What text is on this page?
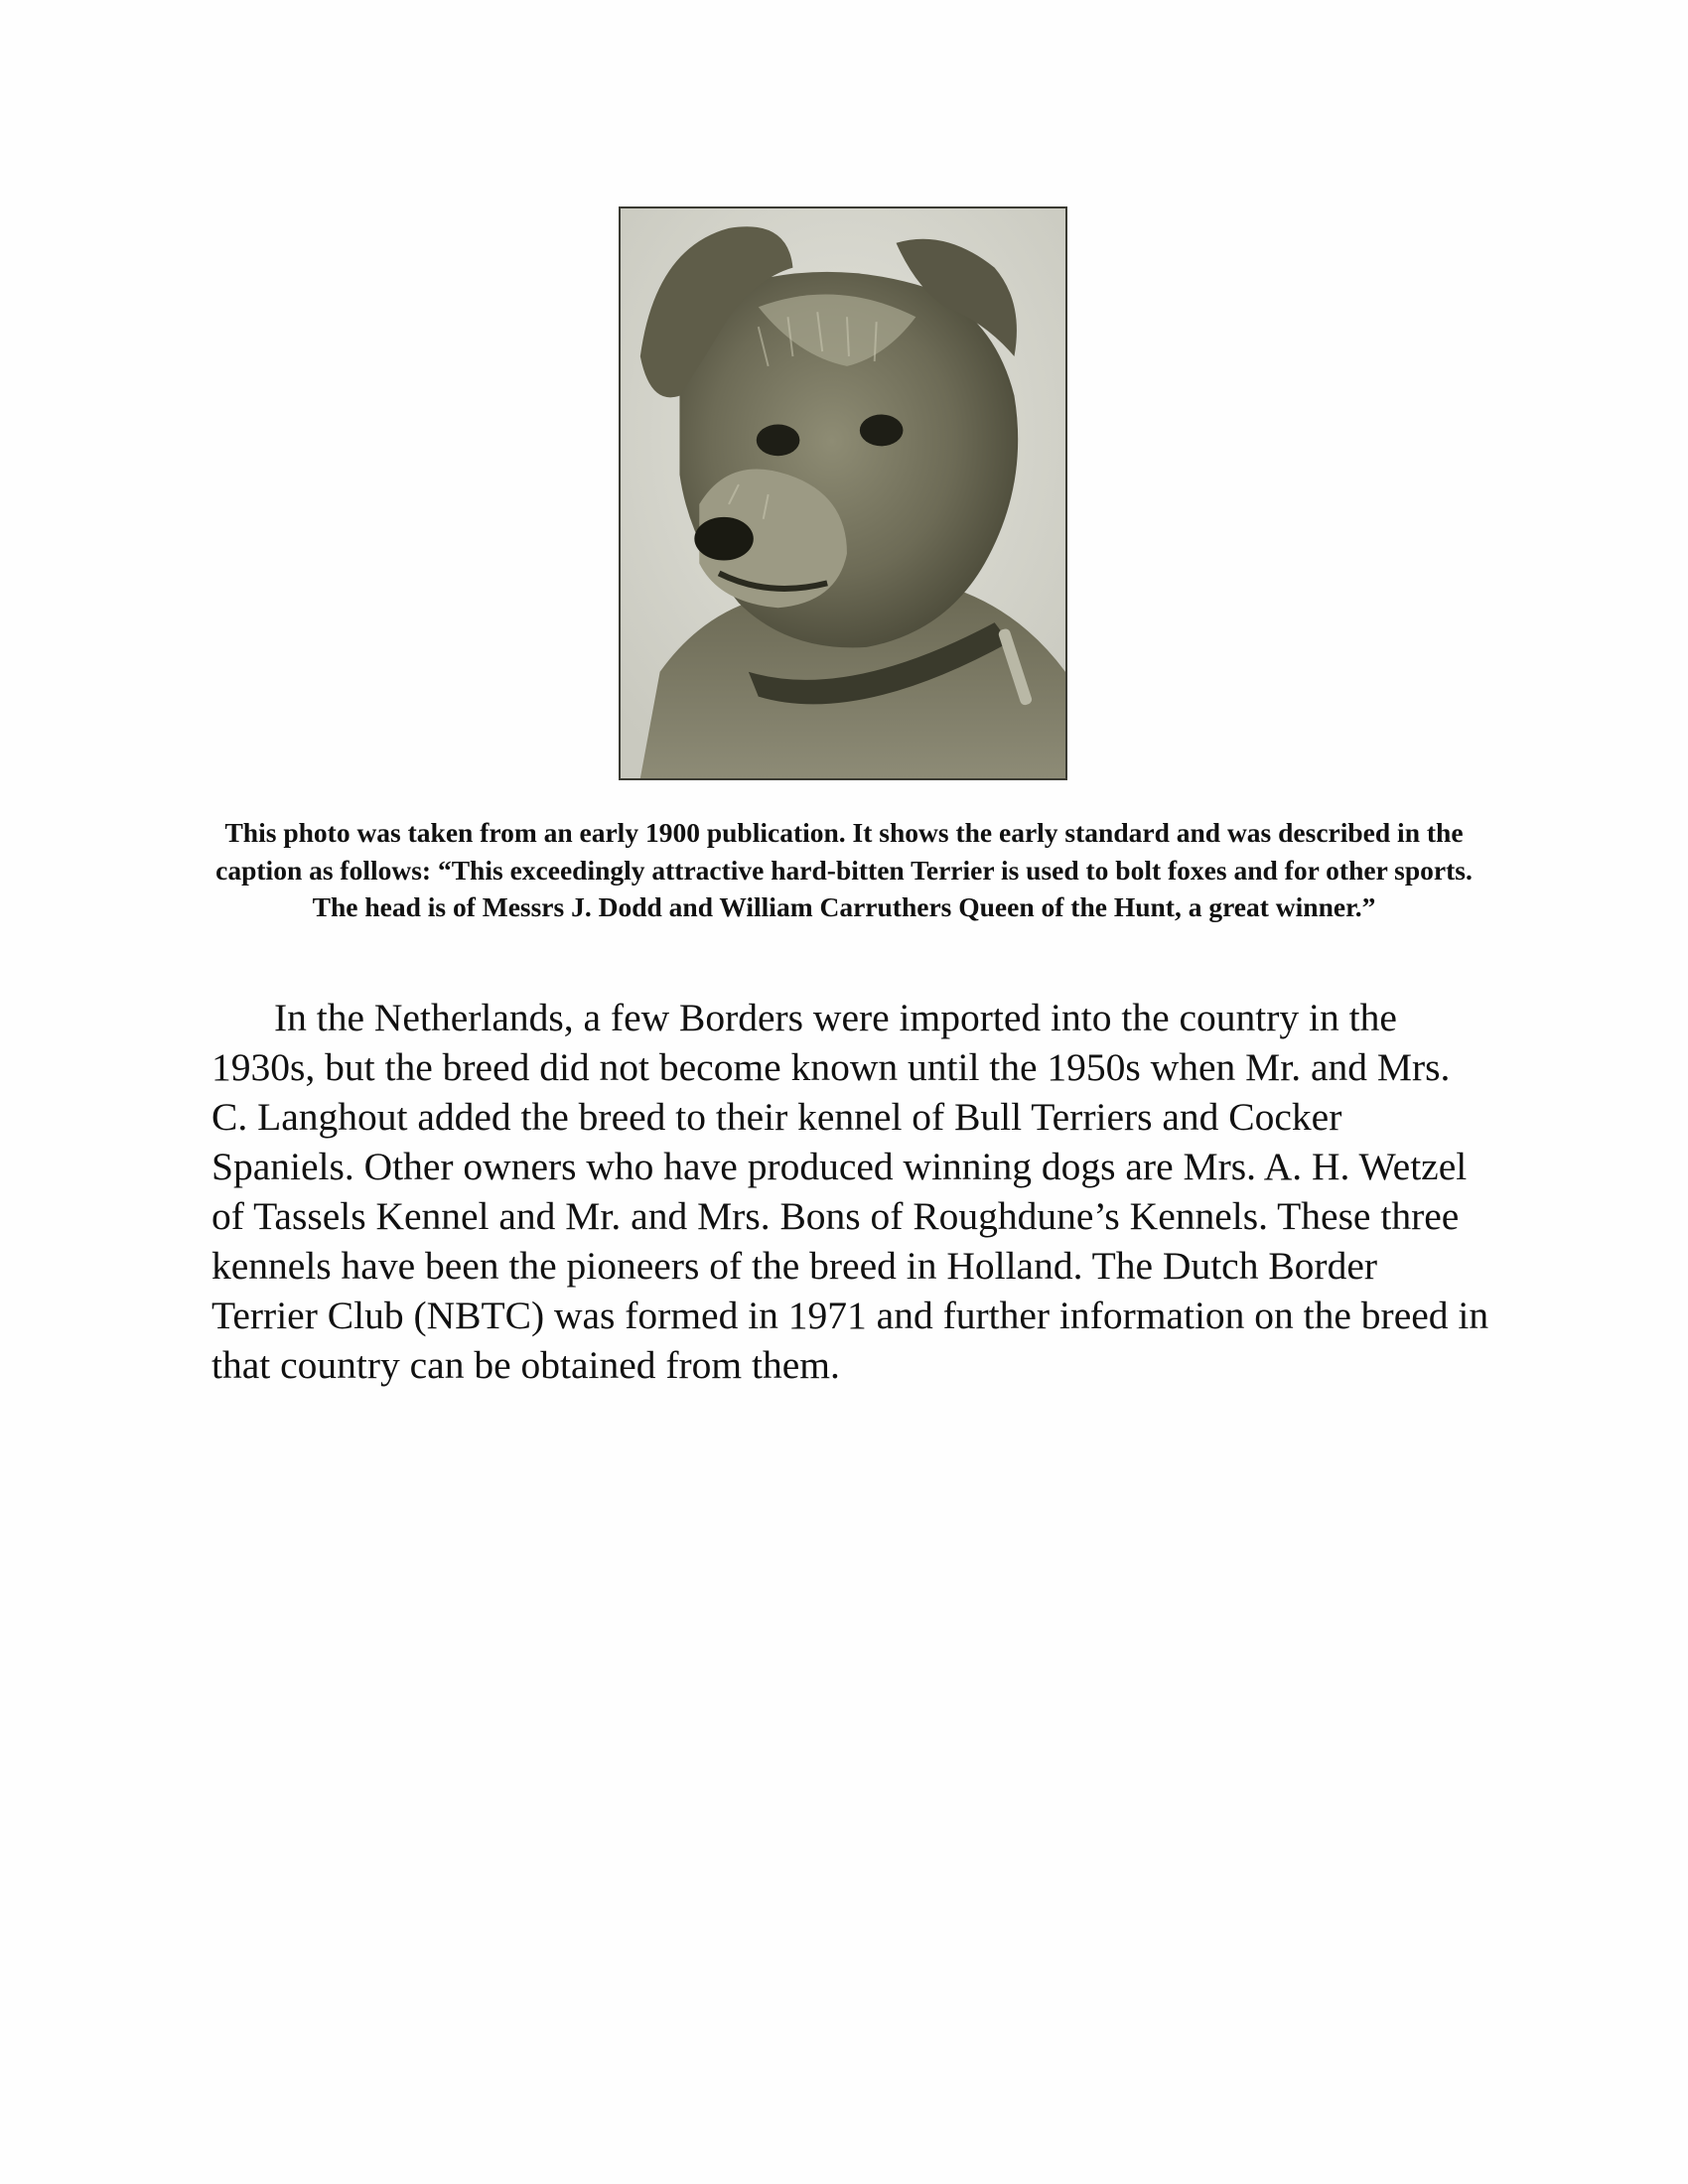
This photo was taken from an early 1900 publication. It shows the early standard and was described in the caption as follows: “This exceedingly attractive hard-bitten Terrier is used to bolt foxes and for other sports. The head is of Messrs J. Dodd and William Carruthers Queen of the Hunt, a great winner.”

In the Netherlands, a few Borders were imported into the country in the 1930s, but the breed did not become known until the 1950s when Mr. and Mrs. C. Langhout added the breed to their kennel of Bull Terriers and Cocker Spaniels. Other owners who have produced winning dogs are Mrs. A. H. Wetzel of Tassels Kennel and Mr. and Mrs. Bons of Roughdune’s Kennels. These three kennels have been the pioneers of the breed in Holland. The Dutch Border Terrier Club (NBTC) was formed in 1971 and further information on the breed in that country can be obtained from them.
